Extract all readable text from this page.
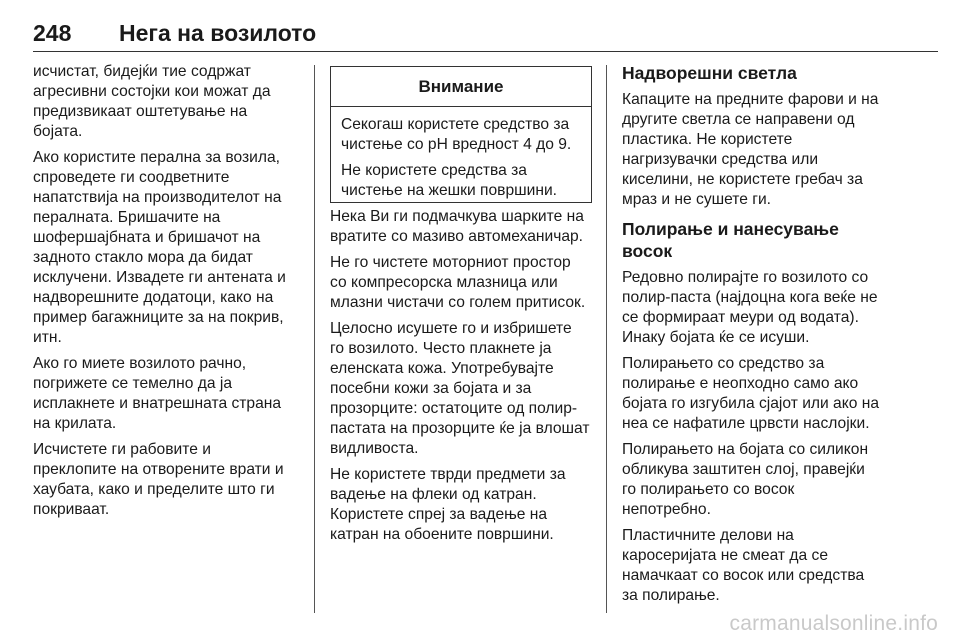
248 Нега на возилото

исчистат, бидејќи тие содржат
агресивни состојки кои можат да
предизвикаат оштетување на
бојата.

Ако користите перална за возила,
спроведете ги соодветните
напатствија на производителот на
пералната. Бришачите на
шофершајбната и бришачот на
задното стакло мора да бидат
исклучени. Извадете ги антената и
надворешните додатоци, како на
пример багажниците за на покрив,
итн.

Ако го миете возилото рачно,
погрижете се темелно да ја
исплакнете и внатрешната страна
на крилата.

Исчистете ги рабовите и
преклопите на отворените врати и
хаубата, како и пределите што ги
покриваат.

Внимание

Секогаш користете средство за
чистење со pH вредност 4 до 9.

Не користете средства за
чистење на жешки површини.

Нека Ви ги подмачкува шарките на
вратите со мазиво автомеханичар.

Не го чистете моторниот простор
со компресорска млазница или
млазни чистачи со голем притисок.

Целосно исушете го и избришете
го возилото. Често плакнете ја
еленската кожа. Употребувајте
посебни кожи за бојата и за
прозорците: остатоците од полир-
пастата на прозорците ќе ја влошат
видливоста.

Не користете тврди предмети за
вадење на флеки од катран.
Користете спреј за вадење на
катран на обоените површини.

Надворешни светла

Капаците на предните фарови и на
другите светла се направени од
пластика. Не користете
нагризувачки средства или
киселини, не користете гребач за
мраз и не сушете ги.

Полирање и нанесување восок

Редовно полирајте го возилото со
полир-паста (најдоцна кога веќе не
се формираат меури од водата).
Инаку бојата ќе се исуши.

Полирањето со средство за
полирање е неопходно само ако
бојата го изгубила сјајот или ако на
неа се нафатиле црвсти наслојки.

Полирањето на бојата со силикон
обликува заштитен слој, правејќи
го полирањето со восок
непотребно.

Пластичните делови на
каросеријата не смеат да се
намачкаат со восок или средства
за полирање.

carmanualsonline.info
